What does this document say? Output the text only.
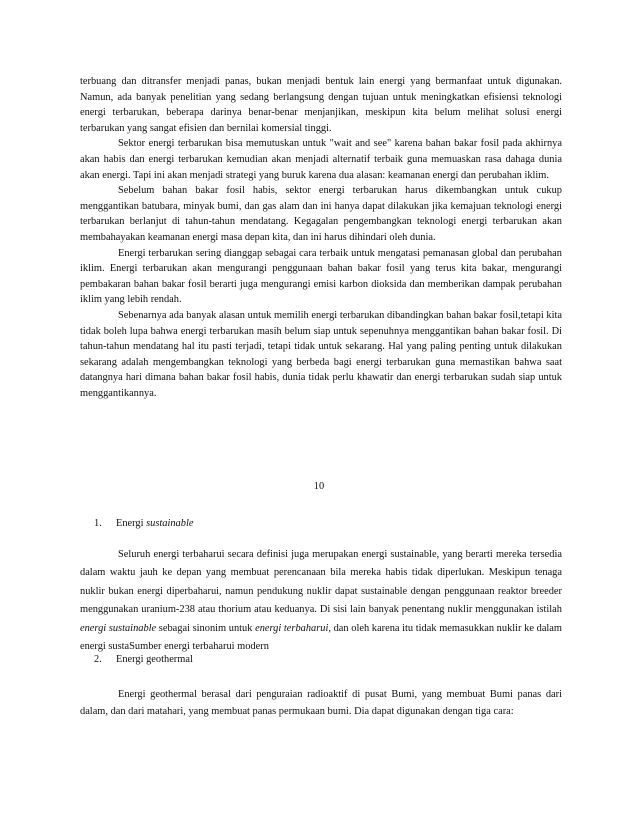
terbuang dan ditransfer menjadi panas, bukan menjadi bentuk lain energi yang bermanfaat untuk digunakan. Namun, ada banyak penelitian yang sedang berlangsung dengan tujuan untuk meningkatkan efisiensi teknologi energi terbarukan, beberapa darinya benar-benar menjanjikan, meskipun kita belum melihat solusi energi terbarukan yang sangat efisien dan bernilai komersial tinggi.

Sektor energi terbarukan bisa memutuskan untuk "wait and see" karena bahan bakar fosil pada akhirnya akan habis dan energi terbarukan kemudian akan menjadi alternatif terbaik guna memuaskan rasa dahaga dunia akan energi. Tapi ini akan menjadi strategi yang buruk karena dua alasan: keamanan energi dan perubahan iklim.

Sebelum bahan bakar fosil habis, sektor energi terbarukan harus dikembangkan untuk cukup menggantikan batubara, minyak bumi, dan gas alam dan ini hanya dapat dilakukan jika kemajuan teknologi energi terbarukan berlanjut di tahun-tahun mendatang. Kegagalan pengembangkan teknologi energi terbarukan akan membahayakan keamanan energi masa depan kita, dan ini harus dihindari oleh dunia.

Energi terbarukan sering dianggap sebagai cara terbaik untuk mengatasi pemanasan global dan perubahan iklim. Energi terbarukan akan mengurangi penggunaan bahan bakar fosil yang terus kita bakar, mengurangi pembakaran bahan bakar fosil berarti juga mengurangi emisi karbon dioksida dan memberikan dampak perubahan iklim yang lebih rendah.

Sebenarnya ada banyak alasan untuk memilih energi terbarukan dibandingkan bahan bakar fosil,tetapi kita tidak boleh lupa bahwa energi terbarukan masih belum siap untuk sepenuhnya menggantikan bahan bakar fosil. Di tahun-tahun mendatang hal itu pasti terjadi, tetapi tidak untuk sekarang. Hal yang paling penting untuk dilakukan sekarang adalah mengembangkan teknologi yang berbeda bagi energi terbarukan guna memastikan bahwa saat datangnya hari dimana bahan bakar fosil habis, dunia tidak perlu khawatir dan energi terbarukan sudah siap untuk menggantikannya.

10
1. Energi sustainable

Seluruh energi terbaharui secara definisi juga merupakan energi sustainable, yang berarti mereka tersedia dalam waktu jauh ke depan yang membuat perencanaan bila mereka habis tidak diperlukan. Meskipun tenaga nuklir bukan energi diperbaharui, namun pendukung nuklir dapat sustainable dengan penggunaan reaktor breeder menggunakan uranium-238 atau thorium atau keduanya. Di sisi lain banyak penentang nuklir menggunakan istilah energi sustainable sebagai sinonim untuk energi terbaharui, dan oleh karena itu tidak memasukkan nuklir ke dalam energi sustaSumber energi terbaharui modern

2. Energi geothermal

Energi geothermal berasal dari penguraian radioaktif di pusat Bumi, yang membuat Bumi panas dari dalam, dan dari matahari, yang membuat panas permukaan bumi. Dia dapat digunakan dengan tiga cara:
